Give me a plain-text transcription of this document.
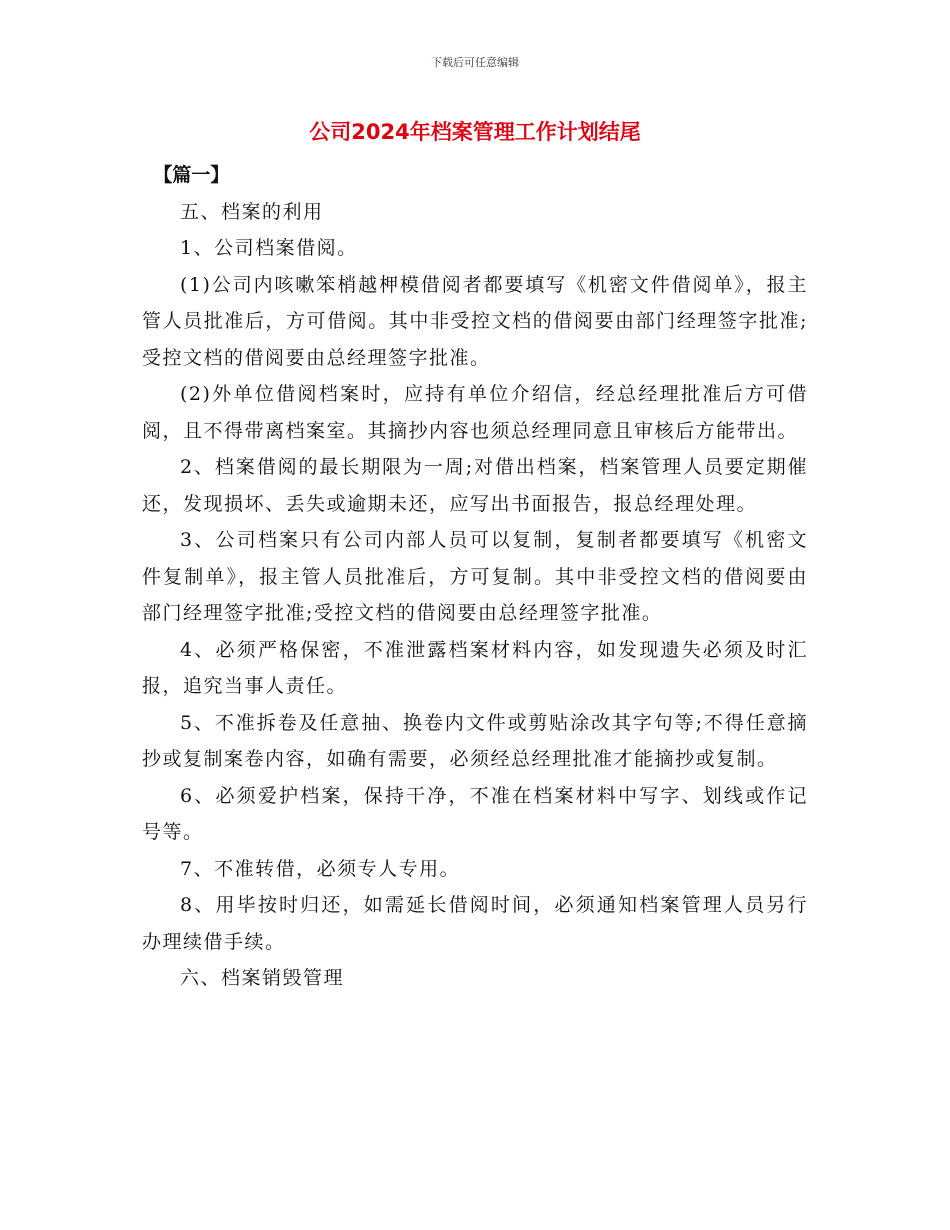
下载后可任意编辑
公司2024年档案管理工作计划结尾

【篇一】

五、档案的利用

1、公司档案借阅。

(1)公司内咳嗽笨梢越柙模借阅者都要填写《机密文件借阅单》，报主管人员批准后，方可借阅。其中非受控文档的借阅要由部门经理签字批准;受控文档的借阅要由总经理签字批准。

(2)外单位借阅档案时，应持有单位介绍信，经总经理批准后方可借阅，且不得带离档案室。其摘抄内容也须总经理同意且审核后方能带出。

2、档案借阅的最长期限为一周;对借出档案，档案管理人员要定期催还，发现损坏、丢失或逾期未还，应写出书面报告，报总经理处理。

3、公司档案只有公司内部人员可以复制，复制者都要填写《机密文件复制单》，报主管人员批准后，方可复制。其中非受控文档的借阅要由部门经理签字批准;受控文档的借阅要由总经理签字批准。

4、必须严格保密，不准泄露档案材料内容，如发现遗失必须及时汇报，追究当事人责任。

5、不准拆卷及任意抽、换卷内文件或剪贴涂改其字句等;不得任意摘抄或复制案卷内容，如确有需要，必须经总经理批准才能摘抄或复制。

6、必须爱护档案，保持干净，不准在档案材料中写字、划线或作记号等。

7、不准转借，必须专人专用。

8、用毕按时归还，如需延长借阅时间，必须通知档案管理人员另行办理续借手续。

六、档案销毁管理
